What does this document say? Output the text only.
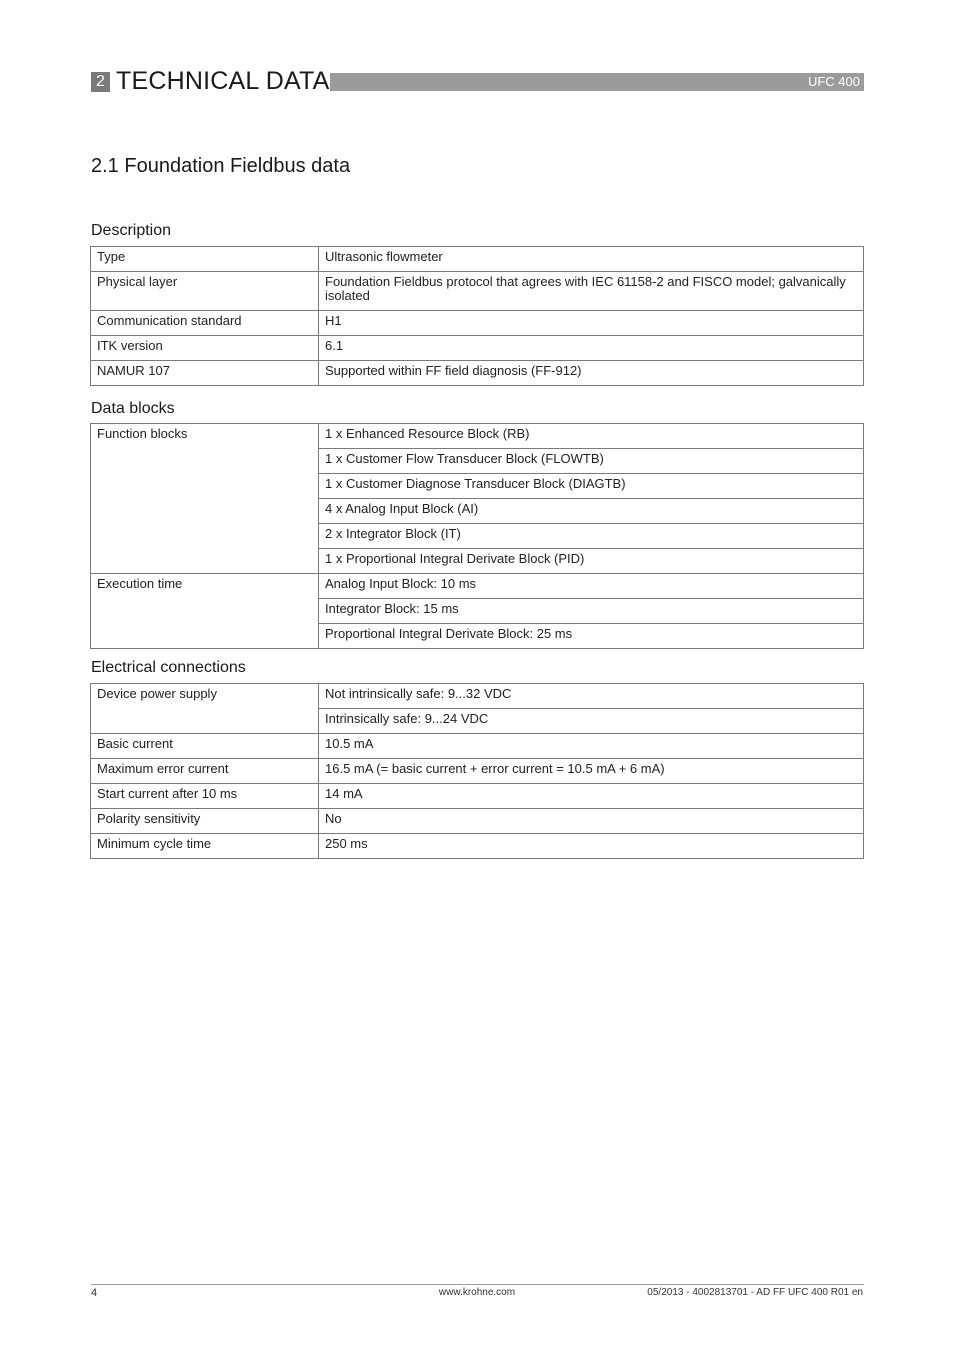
2 TECHNICAL DATA	UFC 400
2.1 Foundation Fieldbus data
Description
Type	Ultrasonic flowmeter
Physical layer	Foundation Fieldbus protocol that agrees with IEC 61158-2 and FISCO model; galvanically isolated
Communication standard	H1
ITK version	6.1
NAMUR 107	Supported within FF field diagnosis (FF-912)
Data blocks
Function blocks	1 x Enhanced Resource Block (RB)
	1 x Customer Flow Transducer Block (FLOWTB)
	1 x Customer Diagnose Transducer Block (DIAGTB)
	4 x Analog Input Block (AI)
	2 x Integrator Block (IT)
	1 x Proportional Integral Derivate Block (PID)
Execution time	Analog Input Block: 10 ms
	Integrator Block: 15 ms
	Proportional Integral Derivate Block: 25 ms
Electrical connections
Device power supply	Not intrinsically safe: 9...32 VDC
	Intrinsically safe: 9...24 VDC
Basic current	10.5 mA
Maximum error current	16.5 mA (= basic current + error current = 10.5 mA + 6 mA)
Start current after 10 ms	14 mA
Polarity sensitivity	No
Minimum cycle time	250 ms
4	www.krohne.com	05/2013 - 4002813701 - AD FF UFC 400 R01 en
